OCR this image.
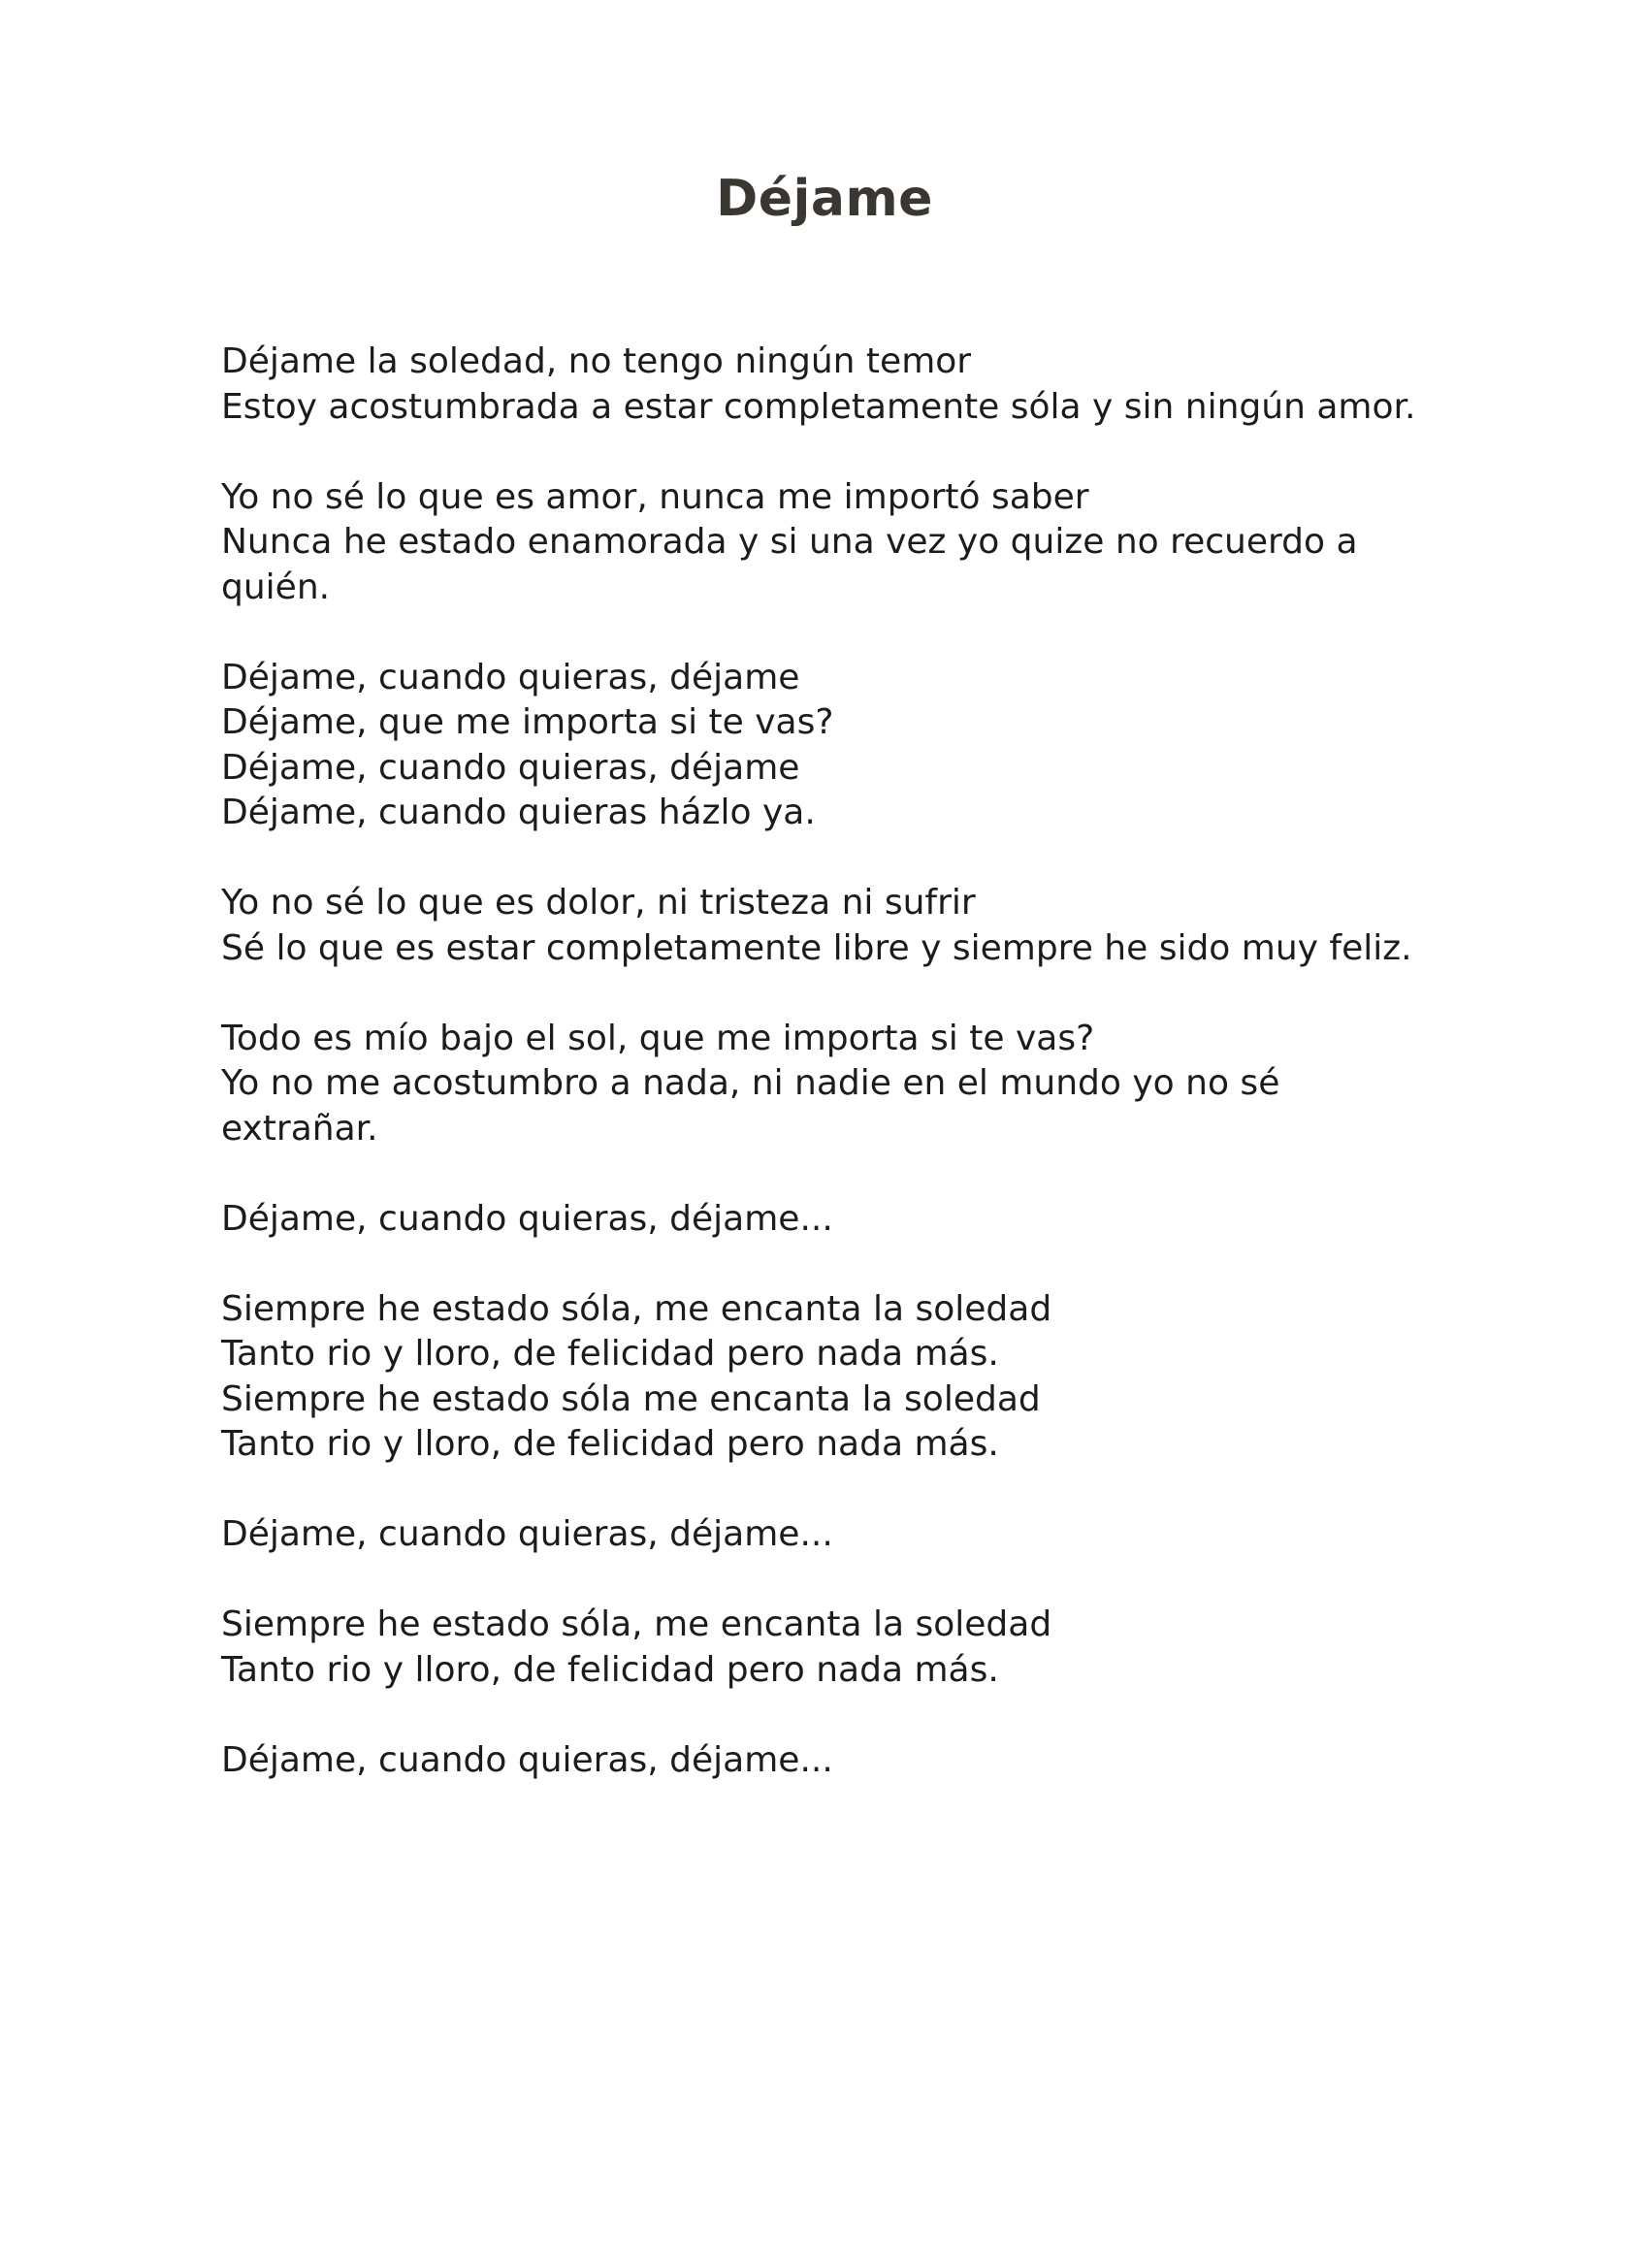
Déjame
Déjame la soledad, no tengo ningún temor
Estoy acostumbrada a estar completamente sóla y sin ningún amor.
Yo no sé lo que es amor, nunca me importó saber
Nunca he estado enamorada y si una vez yo quize no recuerdo a
quién.
Déjame, cuando quieras, déjame
Déjame, que me importa si te vas?
Déjame, cuando quieras, déjame
Déjame, cuando quieras házlo ya.
Yo no sé lo que es dolor, ni tristeza ni sufrir
Sé lo que es estar completamente libre y siempre he sido muy feliz.
Todo es mío bajo el sol, que me importa si te vas?
Yo no me acostumbro a nada, ni nadie en el mundo yo no sé
extrañar.
Déjame, cuando quieras, déjame...
Siempre he estado sóla, me encanta la soledad
Tanto rio y lloro, de felicidad pero nada más.
Siempre he estado sóla me encanta la soledad
Tanto rio y lloro, de felicidad pero nada más.
Déjame, cuando quieras, déjame...
Siempre he estado sóla, me encanta la soledad
Tanto rio y lloro, de felicidad pero nada más.
Déjame, cuando quieras, déjame...
